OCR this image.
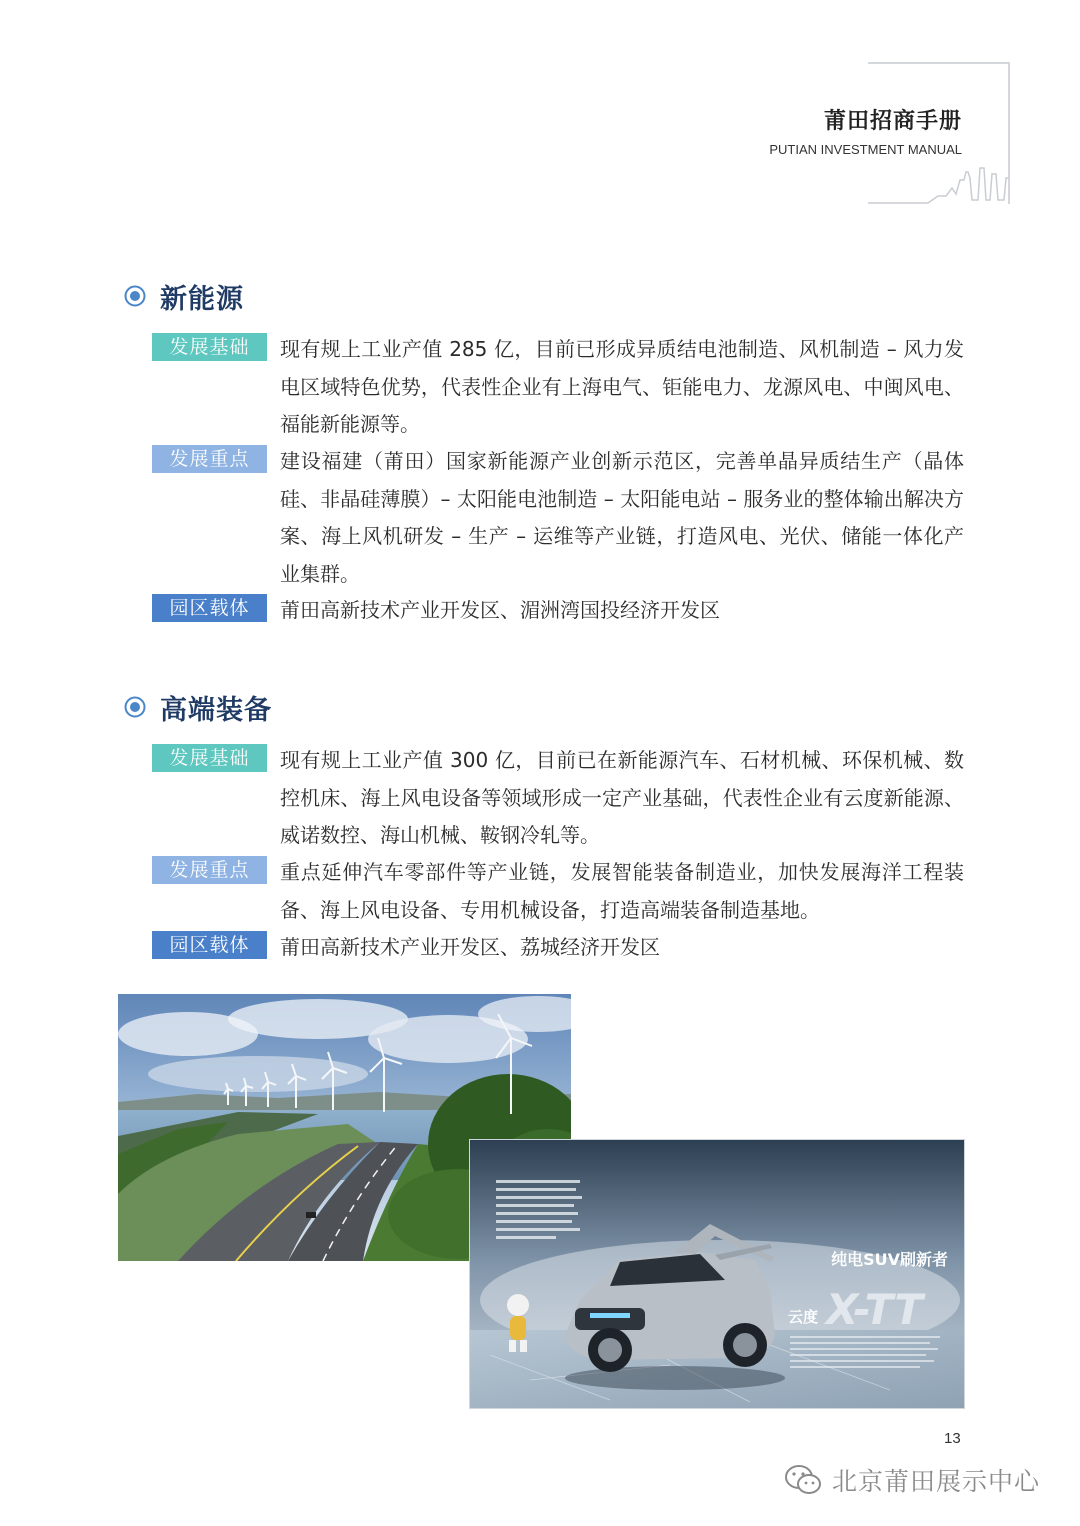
莆田招商手册
PUTIAN INVESTMENT MANUAL
新能源
发展基础	现有规上工业产值 285 亿，目前已形成异质结电池制造、风机制造 – 风力发电区域特色优势，代表性企业有上海电气、钜能电力、龙源风电、中闽风电、福能新能源等。
发展重点	建设福建（莆田）国家新能源产业创新示范区，完善单晶异质结生产（晶体硅、非晶硅薄膜）– 太阳能电池制造 – 太阳能电站 – 服务业的整体输出解决方案、海上风机研发 – 生产 – 运维等产业链，打造风电、光伏、储能一体化产业集群。
园区载体	莆田高新技术产业开发区、湄洲湾国投经济开发区
高端装备
发展基础	现有规上工业产值 300 亿，目前已在新能源汽车、石材机械、环保机械、数控机床、海上风电设备等领域形成一定产业基础，代表性企业有云度新能源、威诺数控、海山机械、鞍钢冷轧等。
发展重点	重点延伸汽车零部件等产业链，发展智能装备制造业，加快发展海洋工程装备、海上风电设备、专用机械设备，打造高端装备制造基地。
园区载体	莆田高新技术产业开发区、荔城经济开发区
纯电SUV刷新者
云度 X-TT
13
北京莆田展示中心
